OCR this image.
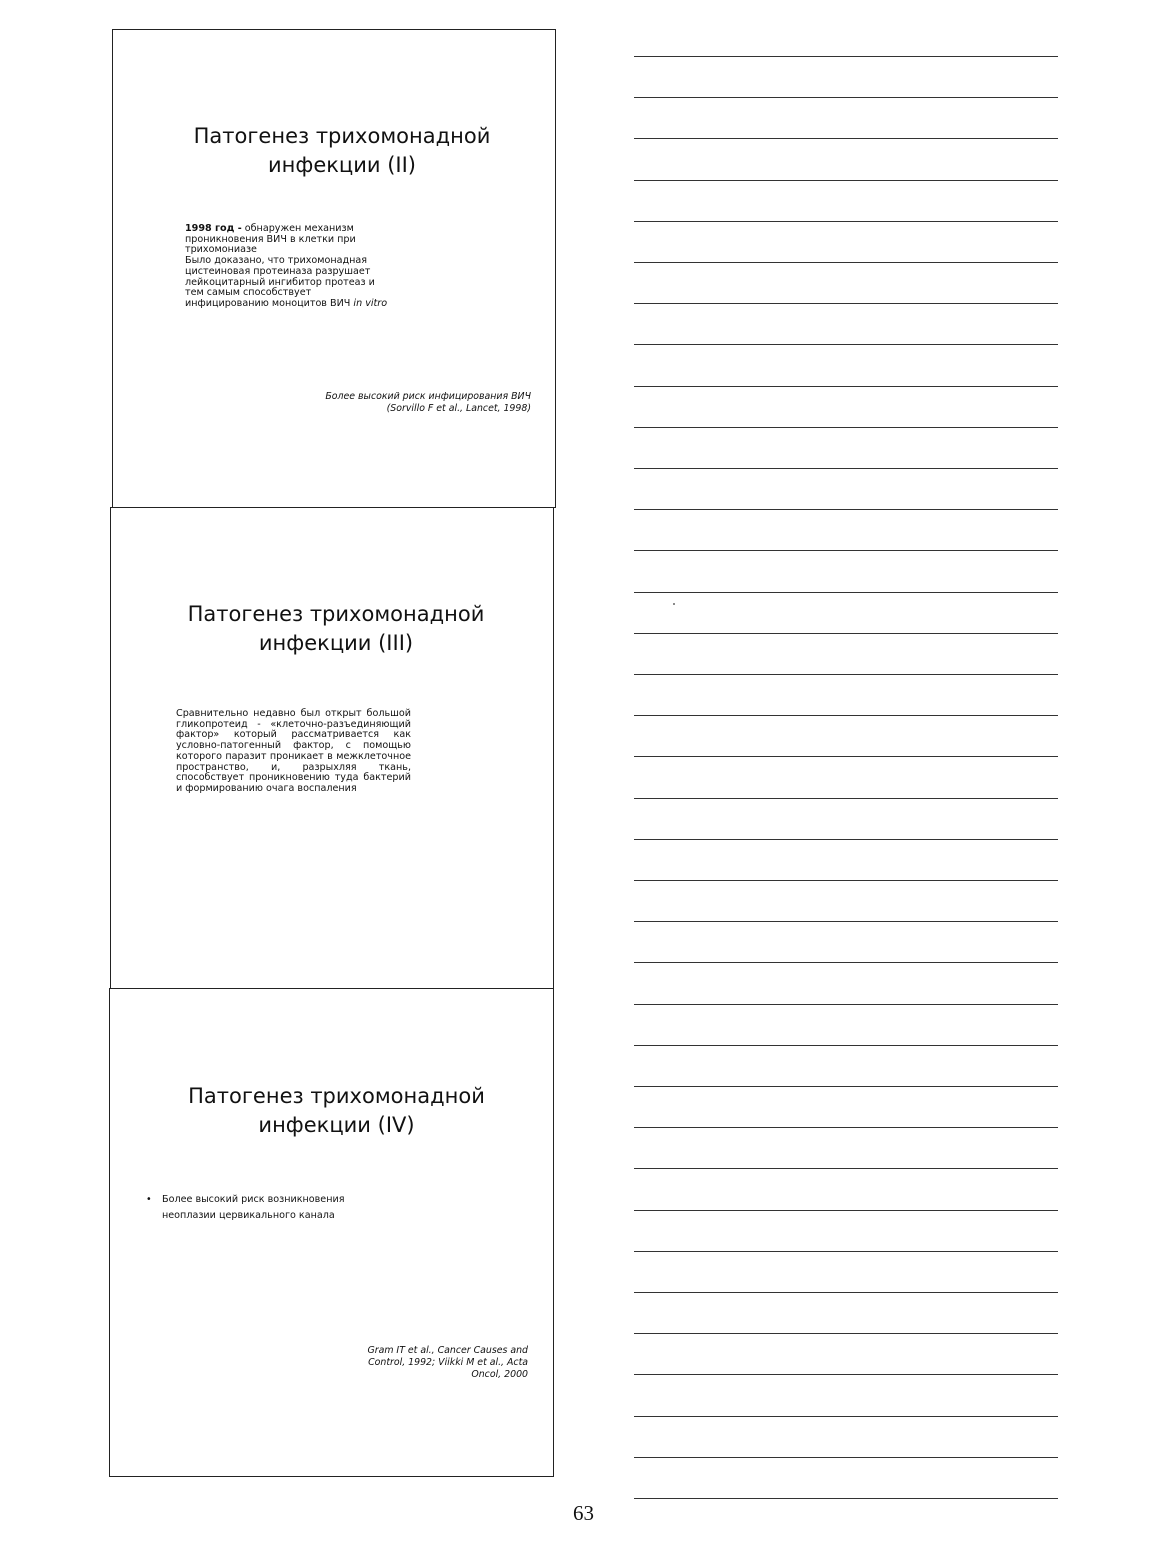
Патогенез трихомонадной
инфекции (II)

1998 год - обнаружен механизм проникновения ВИЧ в клетки при трихомониазе

Было доказано, что трихомонадная цистеиновая протеиназа разрушает лейкоцитарный ингибитор протеаз и тем самым способствует инфицированию моноцитов ВИЧ in vitro

Более высокий риск инфицирования ВИЧ
(Sorvillo F et al., Lancet, 1998)
Патогенез трихомонадной
инфекции (III)
Сравнительно недавно был открыт большой гликопротеид - «клеточно-разъединяющий фактор» который рассматривается как условно-патогенный фактор, с помощью которого паразит проникает в межклеточное пространство, и, разрыхляя ткань, способствует проникновению туда бактерий и формированию очага воспаления
Патогенез трихомонадной
инфекции (IV)
•	Более высокий риск возникновения неоплазии цервикального канала
Gram IT et al., Cancer Causes and
Control, 1992; Viikki M et al., Acta
Oncol, 2000
63
